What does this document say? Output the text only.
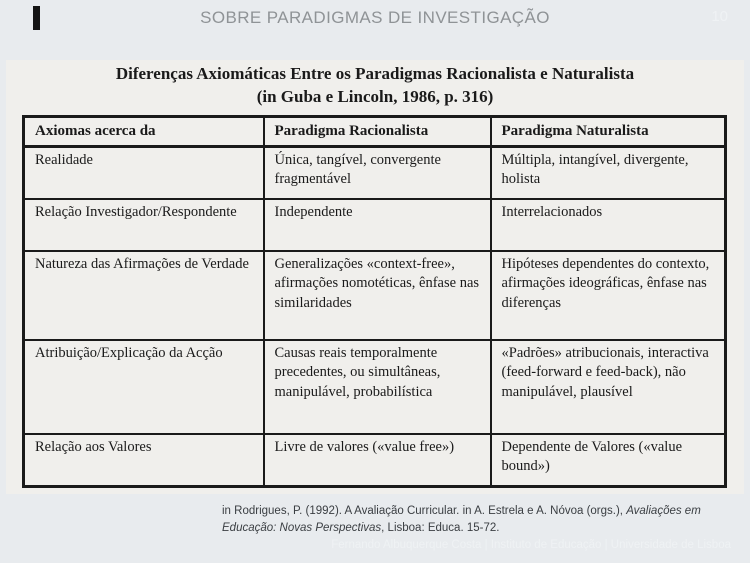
SOBRE PARADIGMAS DE INVESTIGAÇÃO	10
Diferenças Axiomáticas Entre os Paradigmas Racionalista e Naturalista
(in Guba e Lincoln, 1986, p. 316)
Axiomas acerca da	Paradigma Racionalista	Paradigma Naturalista
Realidade	Única, tangível, convergente fragmentável	Múltipla, intangível, divergente, holista
Relação Investigador/Respondente	Independente	Interrelacionados
Natureza das Afirmações de Verdade	Generalizações «context-free», afirmações nomotéticas, ênfase nas similaridades	Hipóteses dependentes do contexto, afirmações ideográficas, ênfase nas diferenças
Atribuição/Explicação da Acção	Causas reais temporalmente precedentes, ou simultâneas, manipulável, probabilística	«Padrões» atribucionais, interactiva (feed-forward e feed-back), não manipulável, plausível
Relação aos Valores	Livre de valores («value free»)	Dependente de Valores («value bound»)
in Rodrigues, P. (1992). A Avaliação Curricular. in A. Estrela e A. Nóvoa (orgs.), Avaliações em
Educação: Novas Perspectivas, Lisboa: Educa. 15-72.
Fernando Albuquerque Costa | Instituto de Educação | Universidade de Lisboa
